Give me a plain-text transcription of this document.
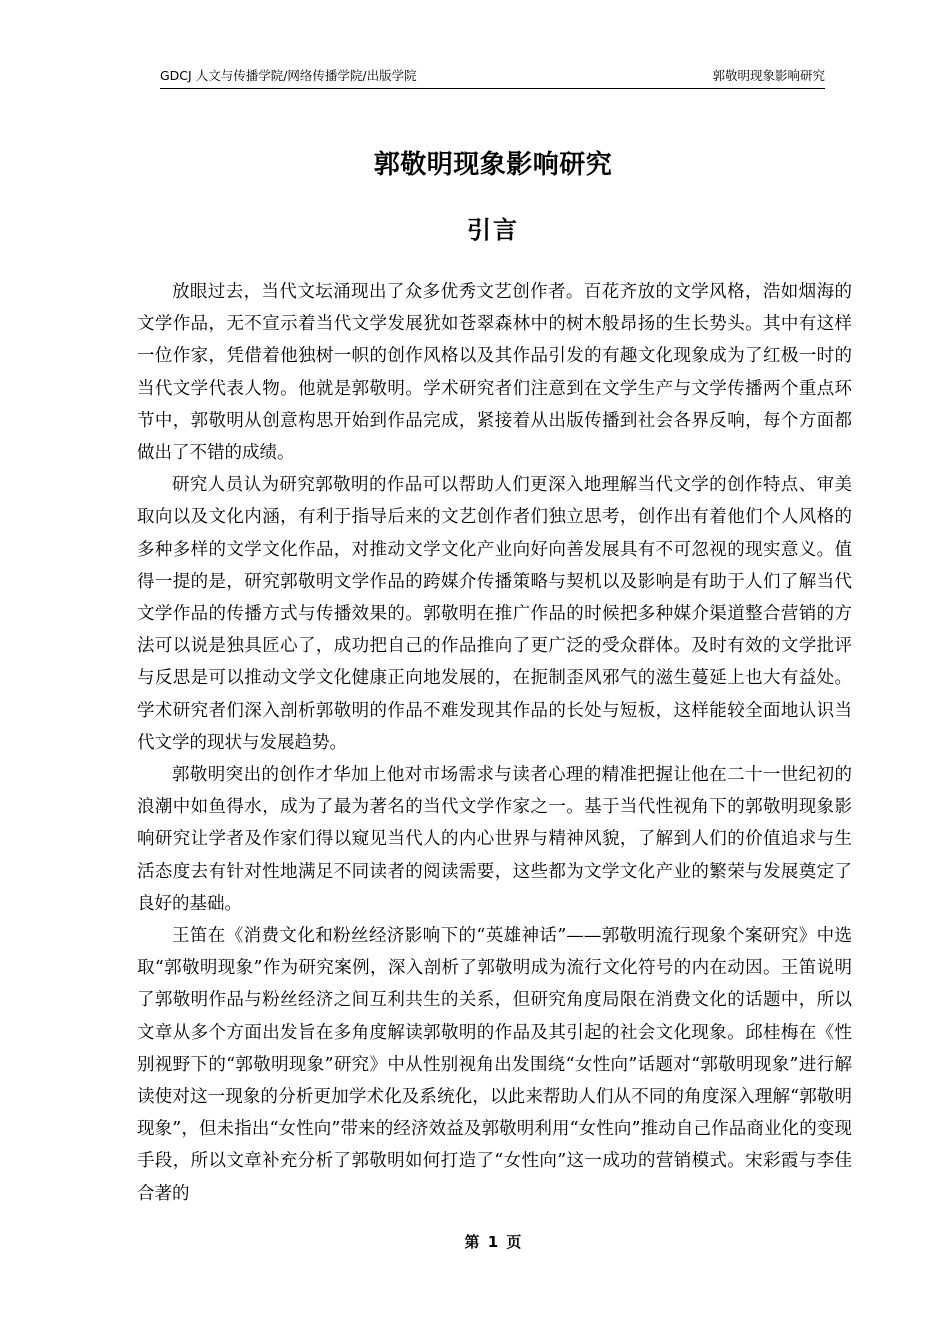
GDCJ 人文与传播学院/网络传播学院/出版学院	郭敬明现象影响研究
郭敬明现象影响研究
引言

放眼过去，当代文坛涌现出了众多优秀文艺创作者。百花齐放的文学风格，浩如烟海的文学作品，无不宣示着当代文学发展犹如苍翠森林中的树木般昂扬的生长势头。其中有这样一位作家，凭借着他独树一帜的创作风格以及其作品引发的有趣文化现象成为了红极一时的当代文学代表人物。他就是郭敬明。学术研究者们注意到在文学生产与文学传播两个重点环节中，郭敬明从创意构思开始到作品完成，紧接着从出版传播到社会各界反响，每个方面都做出了不错的成绩。

研究人员认为研究郭敬明的作品可以帮助人们更深入地理解当代文学的创作特点、审美取向以及文化内涵，有利于指导后来的文艺创作者们独立思考，创作出有着他们个人风格的多种多样的文学文化作品，对推动文学文化产业向好向善发展具有不可忽视的现实意义。值得一提的是，研究郭敬明文学作品的跨媒介传播策略与契机以及影响是有助于人们了解当代文学作品的传播方式与传播效果的。郭敬明在推广作品的时候把多种媒介渠道整合营销的方法可以说是独具匠心了，成功把自己的作品推向了更广泛的受众群体。及时有效的文学批评与反思是可以推动文学文化健康正向地发展的，在扼制歪风邪气的滋生蔓延上也大有益处。学术研究者们深入剖析郭敬明的作品不难发现其作品的长处与短板，这样能较全面地认识当代文学的现状与发展趋势。

郭敬明突出的创作才华加上他对市场需求与读者心理的精准把握让他在二十一世纪初的浪潮中如鱼得水，成为了最为著名的当代文学作家之一。基于当代性视角下的郭敬明现象影响研究让学者及作家们得以窥见当代人的内心世界与精神风貌，了解到人们的价值追求与生活态度去有针对性地满足不同读者的阅读需要，这些都为文学文化产业的繁荣与发展奠定了良好的基础。

王笛在《消费文化和粉丝经济影响下的“英雄神话”——郭敬明流行现象个案研究》中选取“郭敬明现象”作为研究案例，深入剖析了郭敬明成为流行文化符号的内在动因。王笛说明了郭敬明作品与粉丝经济之间互利共生的关系，但研究角度局限在消费文化的话题中，所以文章从多个方面出发旨在多角度解读郭敬明的作品及其引起的社会文化现象。邱桂梅在《性别视野下的“郭敬明现象”研究》中从性别视角出发围绕“女性向”话题对“郭敬明现象”进行解读使对这一现象的分析更加学术化及系统化，以此来帮助人们从不同的角度深入理解“郭敬明现象”，但未指出“女性向”带来的经济效益及郭敬明利用“女性向”推动自己作品商业化的变现手段，所以文章补充分析了郭敬明如何打造了“女性向”这一成功的营销模式。宋彩霞与李佳合著的

第 1 页
